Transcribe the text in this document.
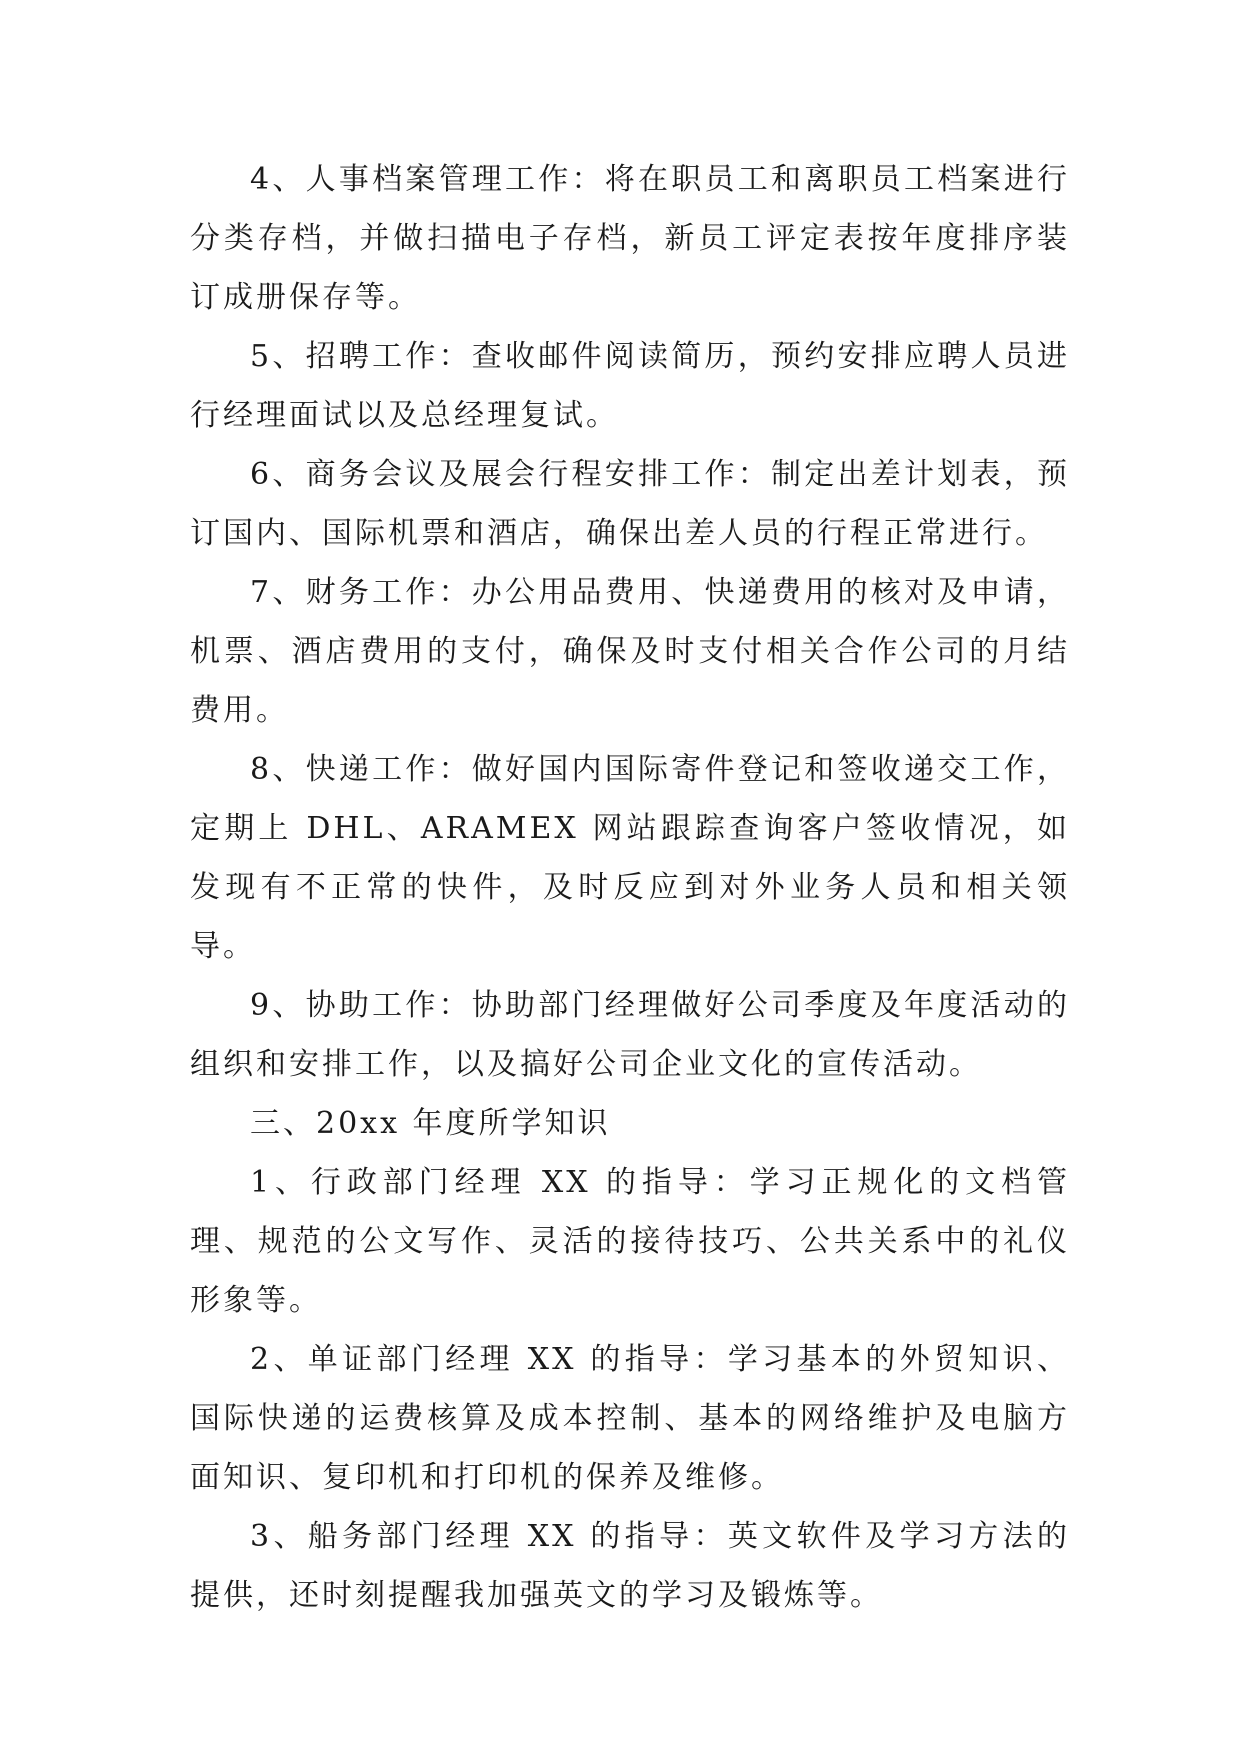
4、人事档案管理工作：将在职员工和离职员工档案进行分类存档，并做扫描电子存档，新员工评定表按年度排序装订成册保存等。

5、招聘工作：查收邮件阅读简历，预约安排应聘人员进行经理面试以及总经理复试。

6、商务会议及展会行程安排工作：制定出差计划表，预订国内、国际机票和酒店，确保出差人员的行程正常进行。

7、财务工作：办公用品费用、快递费用的核对及申请，机票、酒店费用的支付，确保及时支付相关合作公司的月结费用。

8、快递工作：做好国内国际寄件登记和签收递交工作，定期上 DHL、ARAMEX 网站跟踪查询客户签收情况，如发现有不正常的快件，及时反应到对外业务人员和相关领导。

9、协助工作：协助部门经理做好公司季度及年度活动的组织和安排工作，以及搞好公司企业文化的宣传活动。

三、20xx 年度所学知识

1、行政部门经理 XX 的指导：学习正规化的文档管理、规范的公文写作、灵活的接待技巧、公共关系中的礼仪形象等。

2、单证部门经理 XX 的指导：学习基本的外贸知识、国际快递的运费核算及成本控制、基本的网络维护及电脑方面知识、复印机和打印机的保养及维修。

3、船务部门经理 XX 的指导：英文软件及学习方法的提供，还时刻提醒我加强英文的学习及锻炼等。
